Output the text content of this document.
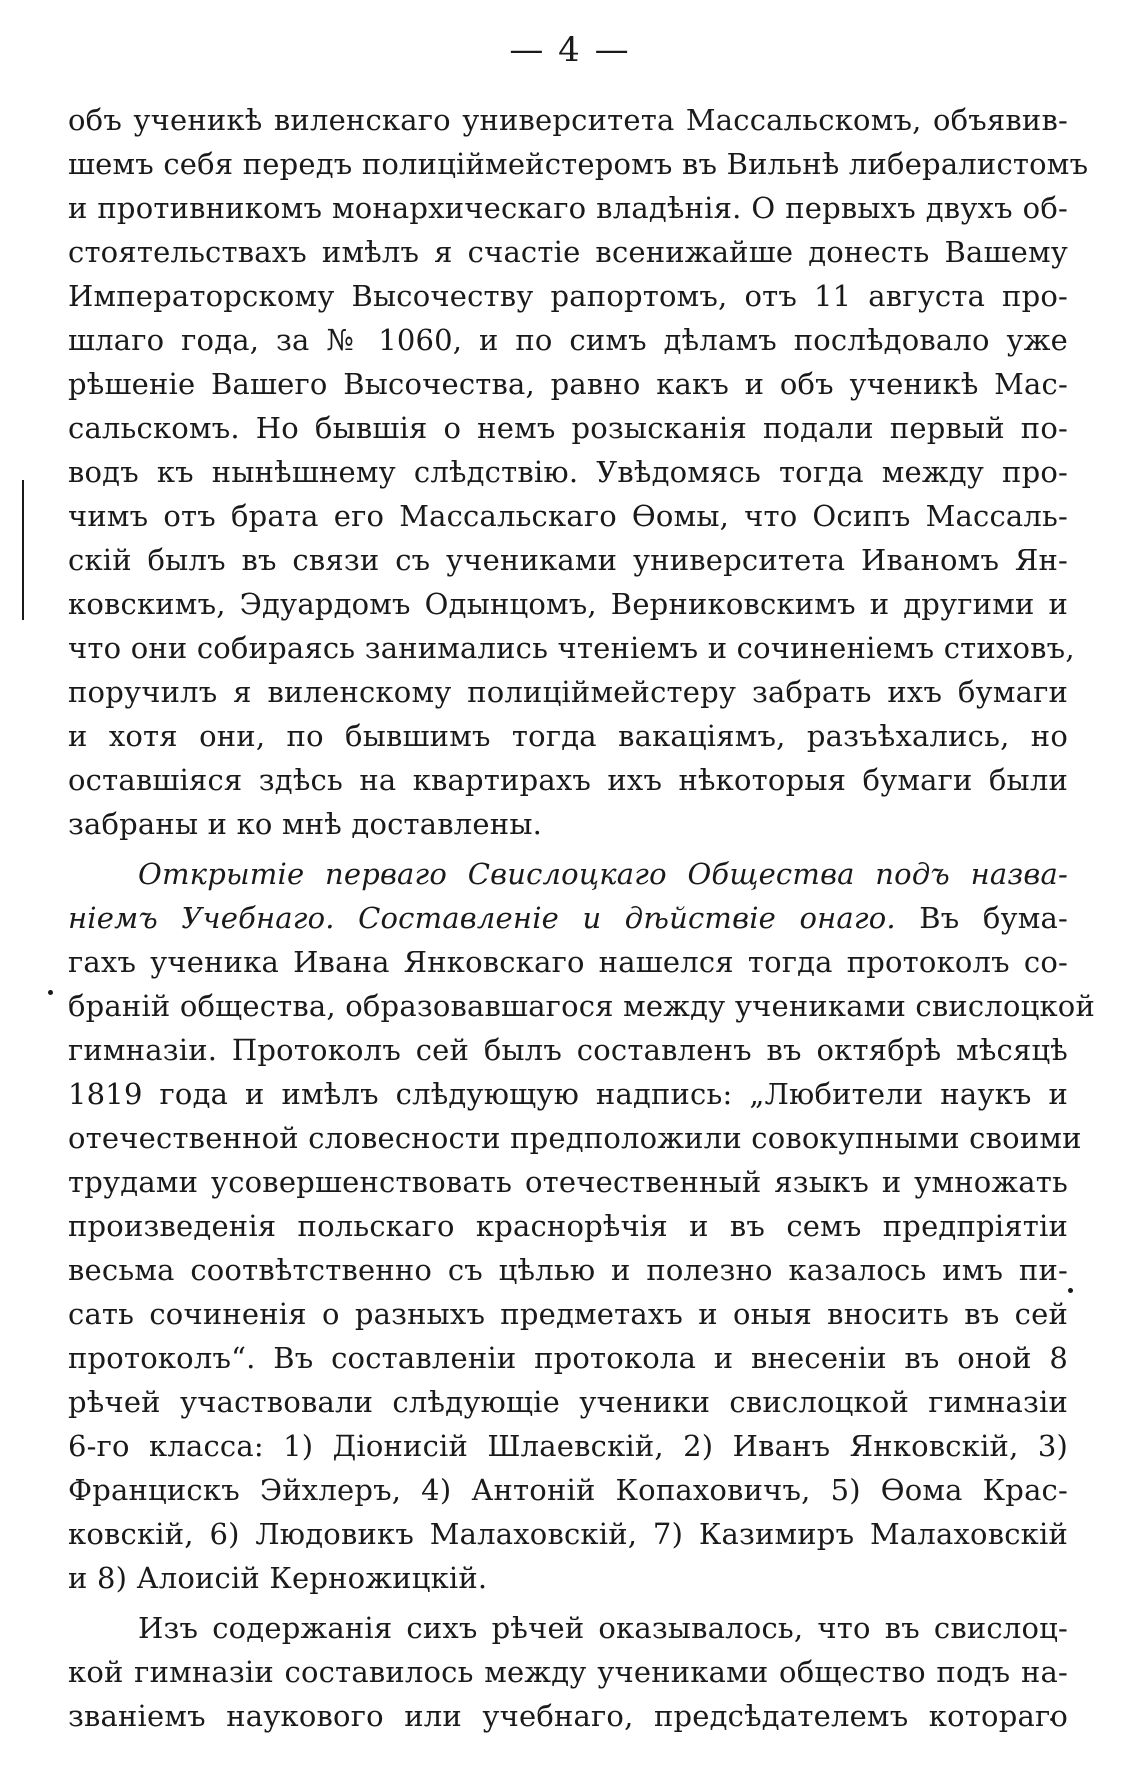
— 4 —
объ ученикѣ виленскаго университета Массальскомъ, объявив-
шемъ себя передъ полицiймейстеромъ въ Вильнѣ либералистомъ
и противникомъ монархическаго владѣнiя. О первыхъ двухъ об-
стоятельствахъ имѣлъ я счастiе всенижайше донесть Вашему
Императорскому Высочеству рапортомъ, отъ 11 августа про-
шлаго года, за № 1060, и по симъ дѣламъ послѣдовало уже
рѣшенiе Вашего Высочества, равно какъ и объ ученикѣ Мас-
сальскомъ. Но бывшiя о немъ розысканiя подали первый по-
водъ къ нынѣшнему слѣдствiю. Увѣдомясь тогда между про-
чимъ отъ брата его Массальскаго Ѳомы, что Осипъ Массаль-
скiй былъ въ связи съ учениками университета Иваномъ Ян-
ковскимъ, Эдуардомъ Одынцомъ, Верниковскимъ и другими и
что они собираясь занимались чтенiемъ и сочиненiемъ стиховъ,
поручилъ я виленскому полицiймейстеру забрать ихъ бумаги
и хотя они, по бывшимъ тогда вакацiямъ, разъѣхались, но
оставшiяся здѣсь на квартирахъ ихъ нѣкоторыя бумаги были
забраны и ко мнѣ доставлены.
Открытiе перваго Свислоцкаго Общества подъ назва-
нiемъ Учебнаго. Составленiе и дѣйствiе онаго. Въ бума-
гахъ ученика Ивана Янковскаго нашелся тогда протоколъ со-
бранiй общества, образовавшагося между учениками свислоцкой
гимназiи. Протоколъ сей былъ составленъ въ октябрѣ мѣсяцѣ
1819 года и имѣлъ слѣдующую надпись: „Любители наукъ и
отечественной словесности предположили совокупными своими
трудами усовершенствовать отечественный языкъ и умножать
произведенiя польскаго краснорѣчiя и въ семъ предпрiятiи
весьма соотвѣтственно съ цѣлью и полезно казалось имъ пи-
сать сочиненiя о разныхъ предметахъ и оныя вносить въ сей
протоколъ“. Въ составленiи протокола и внесенiи въ оной 8
рѣчей участвовали слѣдующiе ученики свислоцкой гимназiи
6-го класса: 1) Дiонисiй Шлаевскiй, 2) Иванъ Янковскiй, 3)
Францискъ Эйхлеръ, 4) Антонiй Копаховичъ, 5) Ѳома Крас-
ковскiй, 6) Людовикъ Малаховскiй, 7) Казимиръ Малаховскiй
и 8) Алоисiй Керножицкiй.
Изъ содержанiя сихъ рѣчей оказывалось, что въ свислоц-
кой гимназiи составилось между учениками общество подъ на-
званiемъ наукового или учебнаго, предсѣдателемъ котораго
